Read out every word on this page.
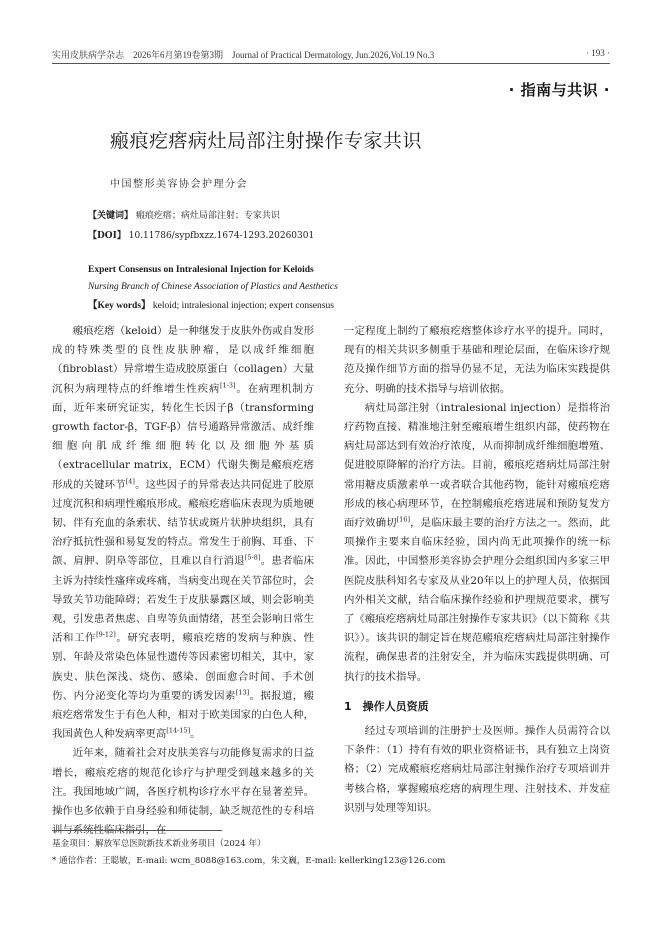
实用皮肤病学杂志　2026年6月第19卷第3期　Journal of Practical Dermatology, Jun.2026,Vol.19 No.3	· 193 ·
· 指南与共识 ·
瘢痕疙瘩病灶局部注射操作专家共识
中国整形美容协会护理分会
【关键词】 瘢痕疙瘩；病灶局部注射；专家共识
【DOI】 10.11786/sypfbxzz.1674-1293.20260301
Expert Consensus on Intralesional Injection for Keloids
Nursing Branch of Chinese Association of Plastics and Aesthetics
【Key words】 keloid; intralesional injection; expert consensus

瘢痕疙瘩（keloid）是一种继发于皮肤外伤或自发形成的特殊类型的良性皮肤肿瘤，是以成纤维细胞（fibroblast）异常增生造成胶原蛋白（collagen）大量沉积为病理特点的纤维增生性疾病[1-3]。在病理机制方面，近年来研究证实，转化生长因子β（transforming growth factor-β，TGF-β）信号通路异常激活、成纤维细胞向肌成纤维细胞转化以及细胞外基质（extracellular matrix，ECM）代谢失衡是瘢痕疙瘩形成的关键环节[4]。这些因子的异常表达共同促进了胶原过度沉积和病理性瘢痕形成。瘢痕疙瘩临床表现为质地硬韧、伴有充血的条索状、结节状或斑片状肿块组织，具有治疗抵抗性强和易复发的特点。常发生于前胸、耳垂、下颌、肩胛、阴阜等部位，且难以自行消退[5-8]。患者临床主诉为持续性瘙痒或疼痛，当病变出现在关节部位时，会导致关节功能障碍；若发生于皮肤暴露区域，则会影响美观，引发患者焦虑、自卑等负面情绪，甚至会影响日常生活和工作[9-12]。研究表明，瘢痕疙瘩的发病与种族、性别、年龄及常染色体显性遗传等因素密切相关，其中，家族史、肤色深浅、烧伤、感染、创面愈合时间、手术创伤、内分泌变化等均为重要的诱发因素[13]。据报道，瘢痕疙瘩常发生于有色人种，相对于欧美国家的白色人种，我国黄色人种发病率更高[14-15]。

近年来，随着社会对皮肤美容与功能修复需求的日益增长，瘢痕疙瘩的规范化诊疗与护理受到越来越多的关注。我国地域广阔，各医疗机构诊疗水平存在显著差异。操作也多依赖于自身经验和师徒制，缺乏规范性的专科培训与系统性临床指引，在

一定程度上制约了瘢痕疙瘩整体诊疗水平的提升。同时，现有的相关共识多侧重于基础和理论层面，在临床诊疗规范及操作细节方面的指导仍显不足，无法为临床实践提供充分、明确的技术指导与培训依据。

病灶局部注射（intralesional injection）是指将治疗药物直接、精准地注射至瘢痕增生组织内部，使药物在病灶局部达到有效治疗浓度，从而抑制成纤维细胞增殖、促进胶原降解的治疗方法。目前，瘢痕疙瘩病灶局部注射常用糖皮质激素单一或者联合其他药物，能针对瘢痕疙瘩形成的核心病理环节，在控制瘢痕疙瘩进展和预防复发方面疗效确切[16]，是临床最主要的治疗方法之一。然而，此项操作主要来自临床经验，国内尚无此项操作的统一标准。因此，中国整形美容协会护理分会组织国内多家三甲医院皮肤科知名专家及从业20年以上的护理人员，依据国内外相关文献，结合临床操作经验和护理规范要求，撰写了《瘢痕疙瘩病灶局部注射操作专家共识》（以下简称《共识》）。该共识的制定旨在规范瘢痕疙瘩病灶局部注射操作流程，确保患者的注射安全，并为临床实践提供明确、可执行的技术指导。

1　操作人员资质

经过专项培训的注册护士及医师。操作人员需符合以下条件：（1）持有有效的职业资格证书，具有独立上岗资格；（2）完成瘢痕疙瘩病灶局部注射操作治疗专项培训并考核合格，掌握瘢痕疙瘩的病理生理、注射技术、并发症识别与处理等知识。

基金项目：解放军总医院新技术新业务项目（2024 年）
* 通信作者：王聪敏，E-mail: wcm_8088@163.com，朱文巍，E-mail: kellerking123@126.com
